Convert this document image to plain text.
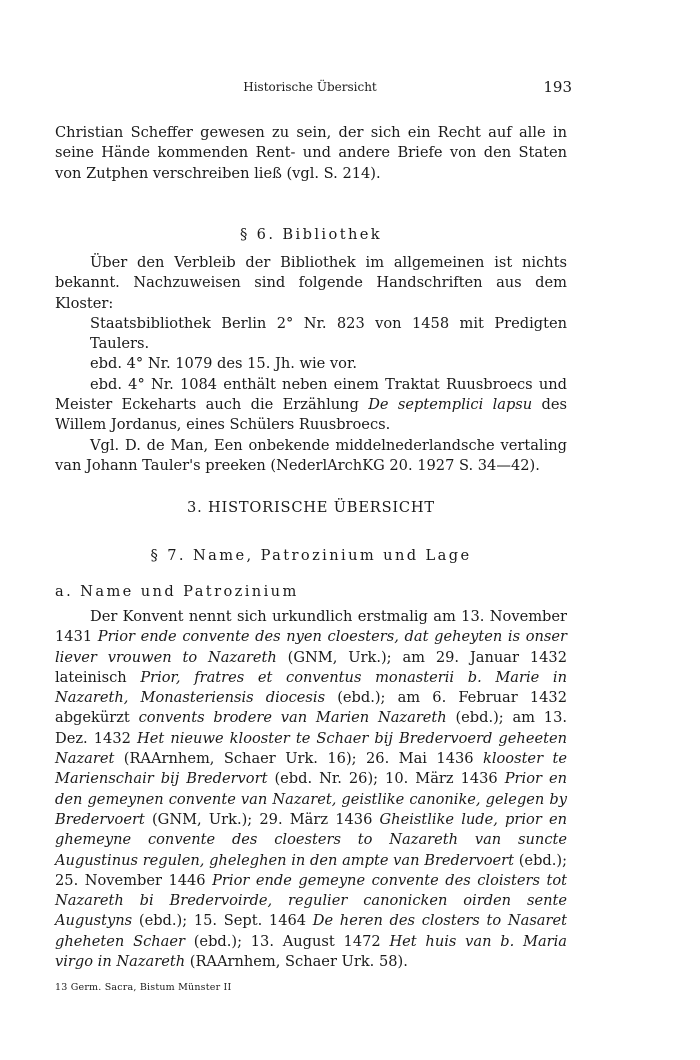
Historische Übersicht	193

Christian Scheffer gewesen zu sein, der sich ein Recht auf alle in seine Hände kommenden Rent- und andere Briefe von den Staten von Zutphen verschreiben ließ (vgl. S. 214).

§ 6. Bibliothek

Über den Verbleib der Bibliothek im allgemeinen ist nichts bekannt. Nachzuweisen sind folgende Handschriften aus dem Kloster:

Staatsbibliothek Berlin 2° Nr. 823 von 1458 mit Predigten Taulers.

ebd. 4° Nr. 1079 des 15. Jh. wie vor.

ebd. 4° Nr. 1084 enthält neben einem Traktat Ruusbroecs und Meister Eckeharts auch die Erzählung De septemplici lapsu des Willem Jordanus, eines Schülers Ruusbroecs.

Vgl. D. de Man, Een onbekende middelnederlandsche vertaling van Johann Tauler's preeken (NederlArchKG 20. 1927 S. 34—42).

3. HISTORISCHE ÜBERSICHT
§ 7. Name, Patrozinium und Lage
a. Name und Patrozinium

Der Konvent nennt sich urkundlich erstmalig am 13. November 1431 Prior ende convente des nyen cloesters, dat geheyten is onser liever vrouwen to Nazareth (GNM, Urk.); am 29. Januar 1432 lateinisch Prior, fratres et conventus monasterii b. Marie in Nazareth, Monasteriensis diocesis (ebd.); am 6. Februar 1432 abgekürzt convents brodere van Marien Nazareth (ebd.); am 13. Dez. 1432 Het nieuwe klooster te Schaer bij Bredervoerd geheeten Nazaret (RAArnhem, Schaer Urk. 16); 26. Mai 1436 klooster te Marienschair bij Bredervort (ebd. Nr. 26); 10. März 1436 Prior en den gemeynen convente van Nazaret, geistlike canonike, gelegen by Bredervoert (GNM, Urk.); 29. März 1436 Gheistlike lude, prior en ghemeyne convente des cloesters to Nazareth van suncte Augustinus regulen, gheleghen in den ampte van Bredervoert (ebd.); 25. November 1446 Prior ende gemeyne convente des cloisters tot Nazareth bi Bredervoirde, regulier canonicken oirden sente Augustyns (ebd.); 15. Sept. 1464 De heren des closters to Nasaret gheheten Schaer (ebd.); 13. August 1472 Het huis van b. Maria virgo in Nazareth (RAArnhem, Schaer Urk. 58).

13 Germ. Sacra, Bistum Münster II
